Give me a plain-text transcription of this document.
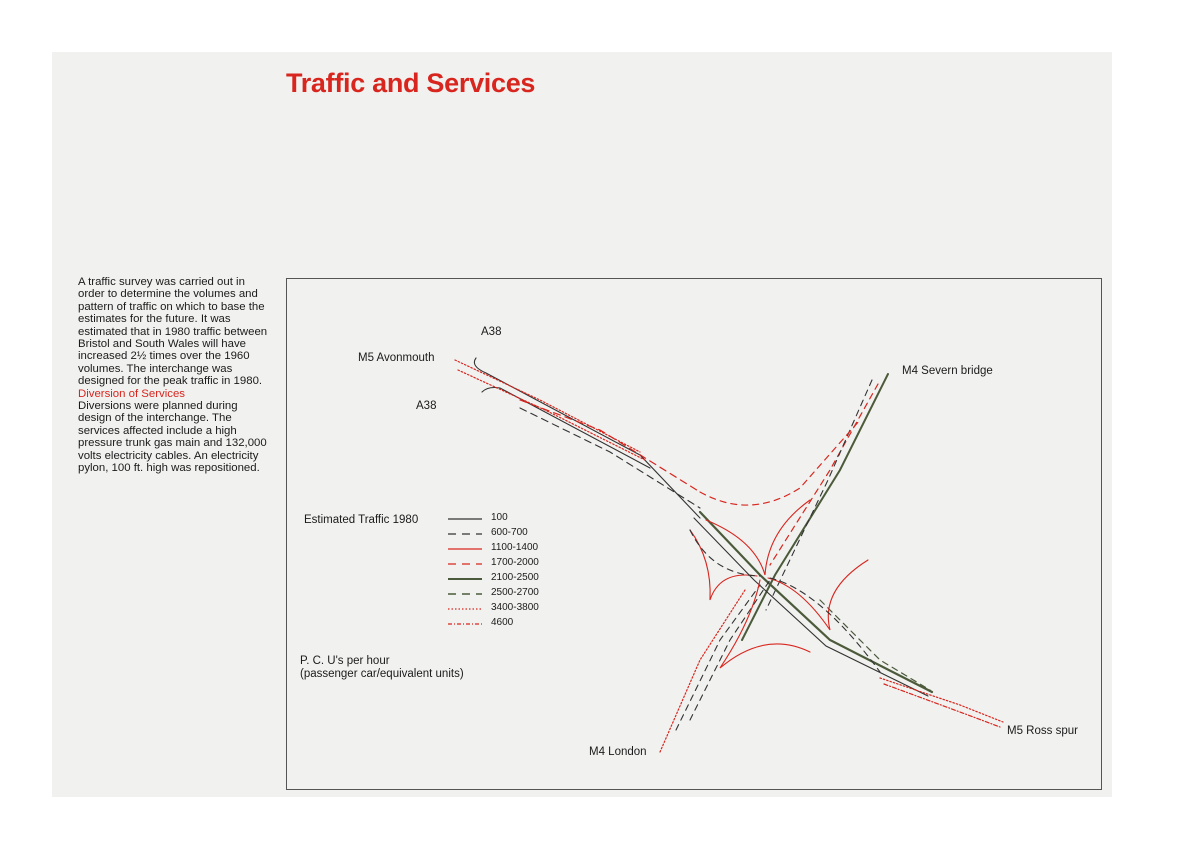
Traffic and Services

A traffic survey was carried out in order to determine the volumes and pattern of traffic on which to base the estimates for the future. It was estimated that in 1980 traffic between Bristol and South Wales will have increased 2½ times over the 1960 volumes. The interchange was designed for the peak traffic in 1980.

Diversion of Services

Diversions were planned during design of the interchange. The services affected include a high pressure trunk gas main and 132,000 volts electricity cables. An electricity pylon, 100 ft. high was repositioned.

A38
M5 Avonmouth
A38
M4 Severn bridge
M4 London
M5 Ross spur
Estimated Traffic 1980	100
600-700
1100-1400
1700-2000
2100-2500
2500-2700
3400-3800
4600
P. C. U's per hour
(passenger car/equivalent units)
